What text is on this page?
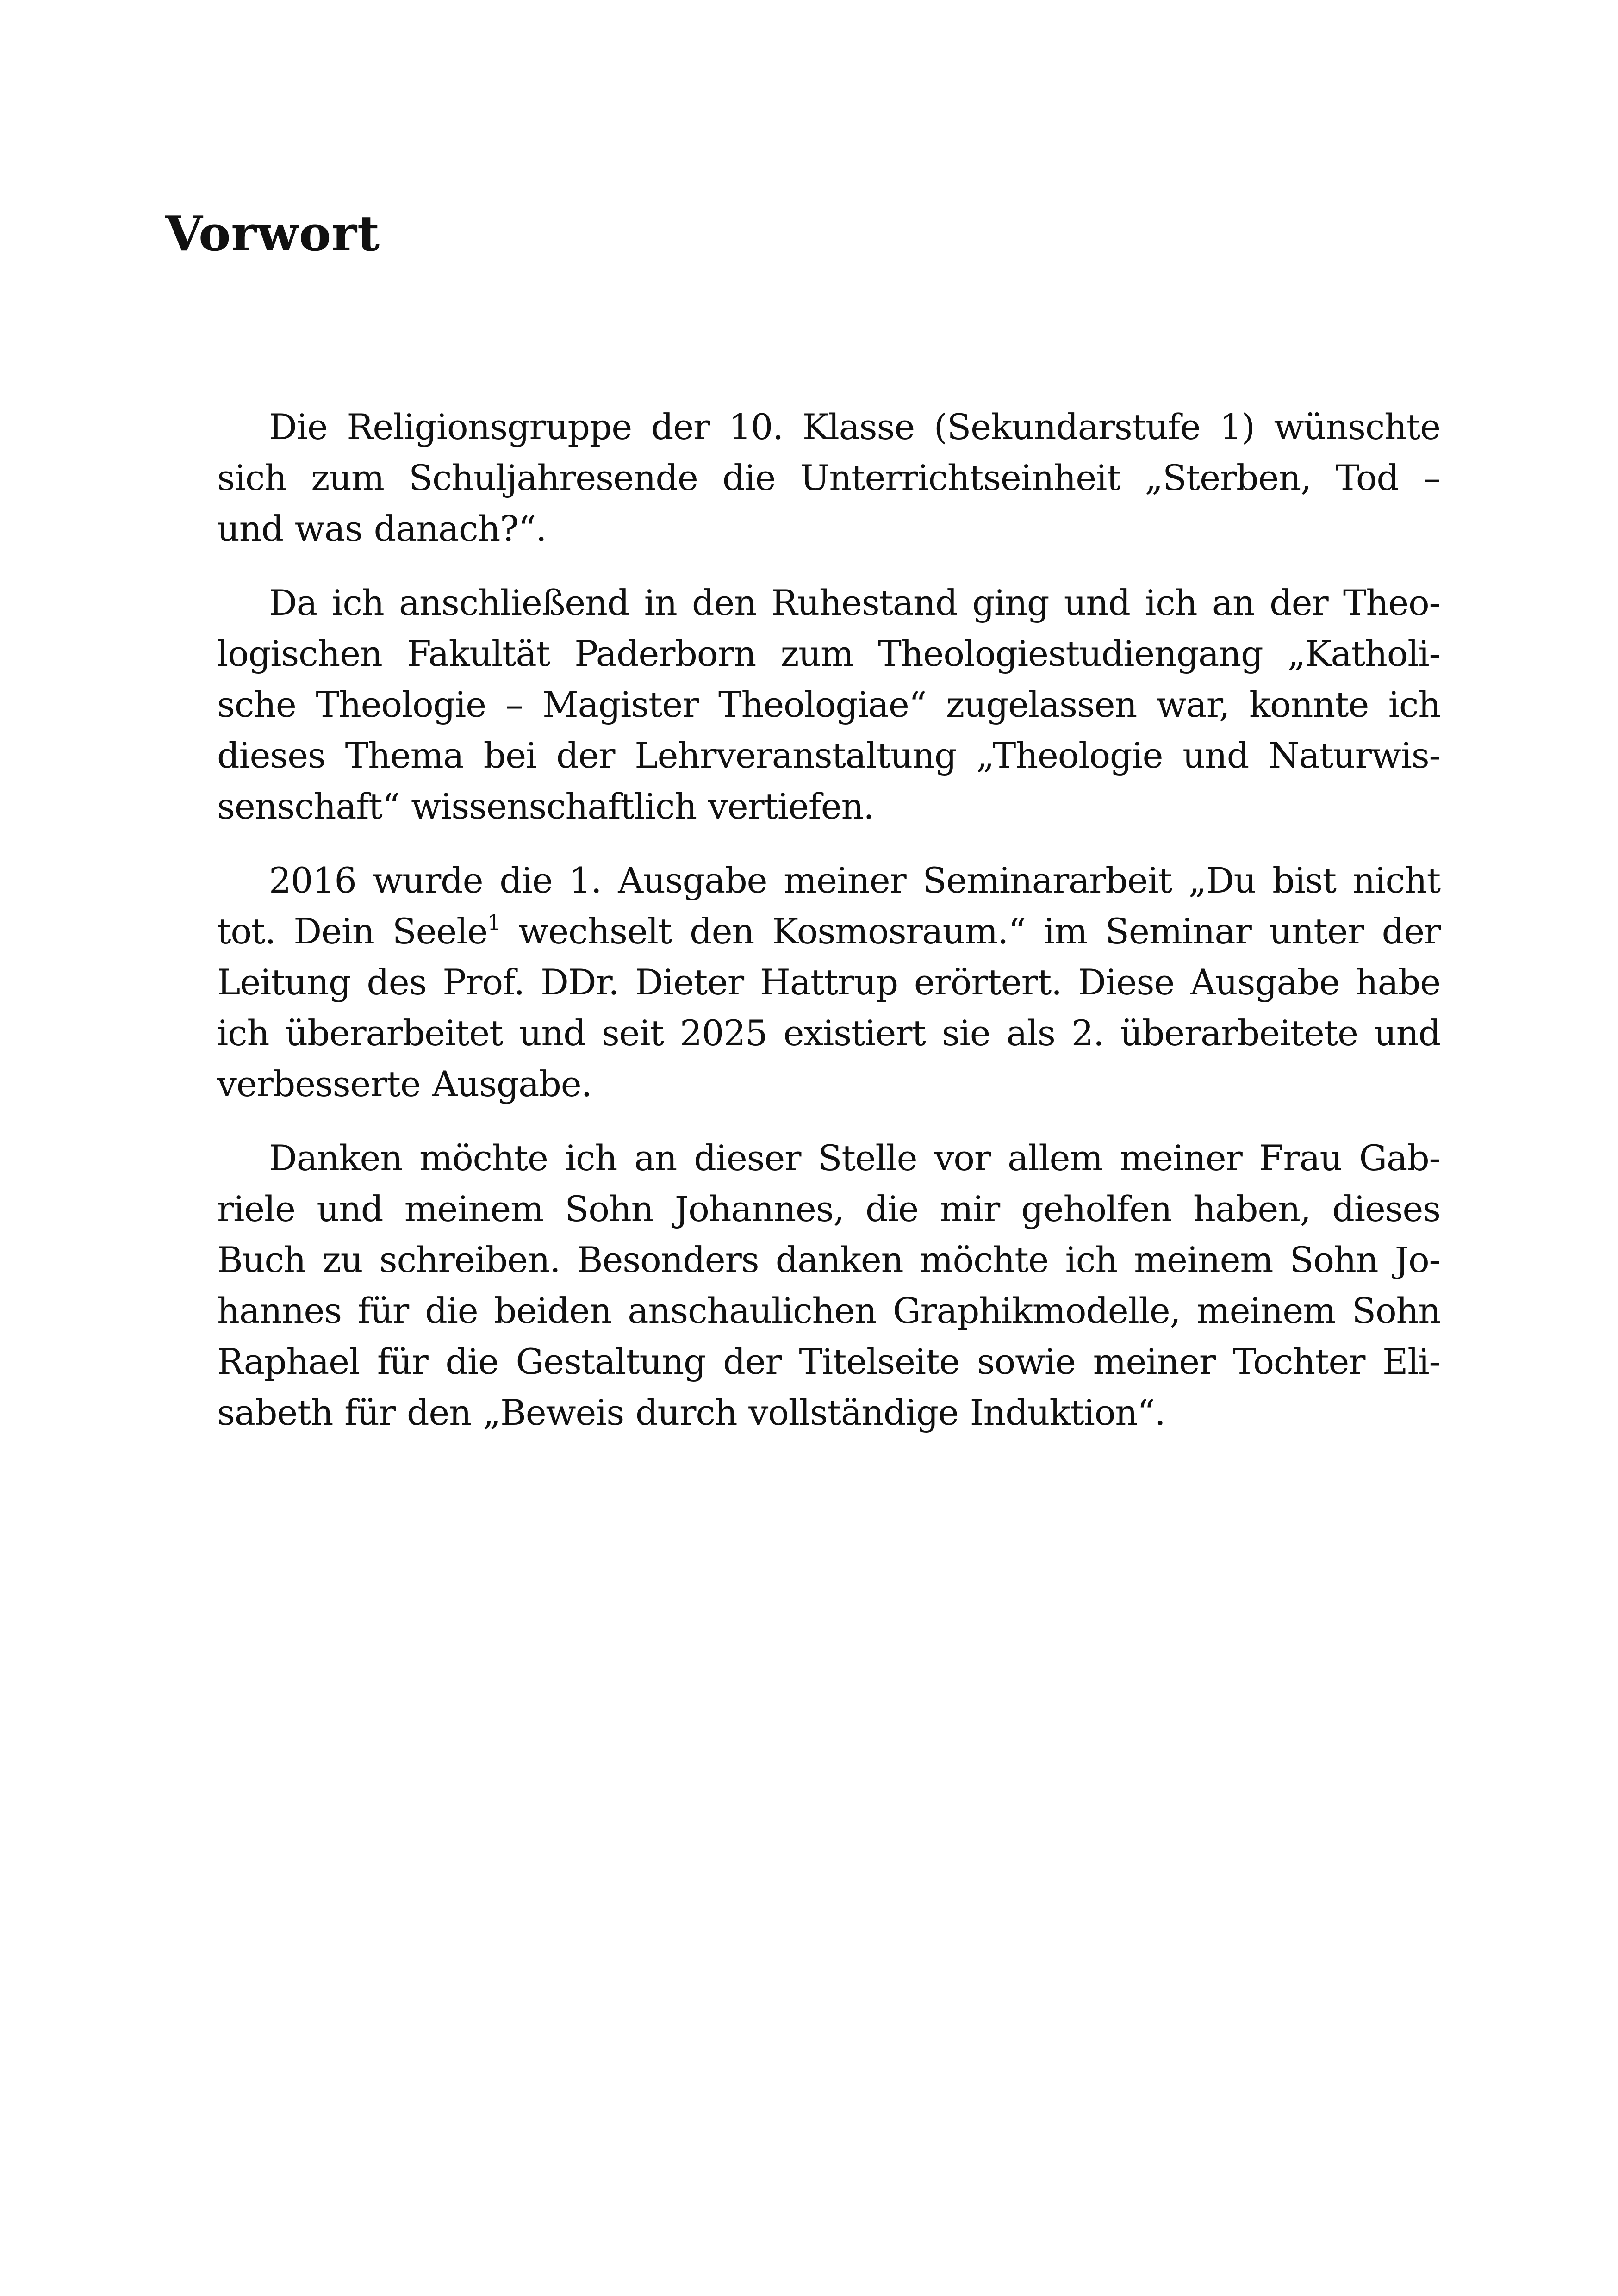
Vorwort

Die Religionsgruppe der 10. Klasse (Sekundarstufe 1) wünschte
sich zum Schuljahresende die Unterrichtseinheit „Sterben, Tod –
und was danach?“.

Da ich anschließend in den Ruhestand ging und ich an der Theo-
logischen Fakultät Paderborn zum Theologiestudiengang „Katholi-
sche Theologie – Magister Theologiae“ zugelassen war, konnte ich
dieses Thema bei der Lehrveranstaltung „Theologie und Naturwis-
senschaft“ wissenschaftlich vertiefen.

2016 wurde die 1. Ausgabe meiner Seminararbeit „Du bist nicht
tot. Dein Seele$^1$ wechselt den Kosmosraum.“ im Seminar unter der
Leitung des Prof. DDr. Dieter Hattrup erörtert. Diese Ausgabe habe
ich überarbeitet und seit 2025 existiert sie als 2. überarbeitete und
verbesserte Ausgabe.

Danken möchte ich an dieser Stelle vor allem meiner Frau Gab-
riele und meinem Sohn Johannes, die mir geholfen haben, dieses
Buch zu schreiben. Besonders danken möchte ich meinem Sohn Jo-
hannes für die beiden anschaulichen Graphikmodelle, meinem Sohn
Raphael für die Gestaltung der Titelseite sowie meiner Tochter Eli-
sabeth für den „Beweis durch vollständige Induktion“.
